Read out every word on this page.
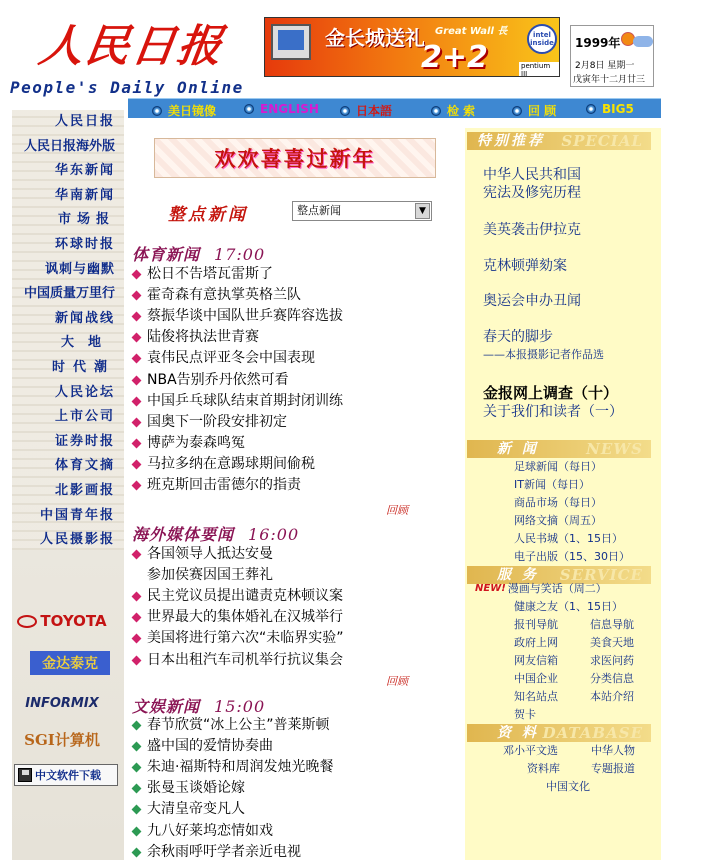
人民日报
People's Daily Online
金长城送礼 Great Wall 長
2+2
intel inside
pentium III
1999年
2月8日 星期一
戊寅年十二月廿三
美日镜像	ENGLISH	日本語	检 索	回 顾	BIG5
人民日报
人民日报海外版
华东新闻
华南新闻
市场报
环球时报
讽刺与幽默
中国质量万里行
新闻战线
大地
时代潮
人民论坛
上市公司
证券时报
体育文摘
北影画报
中国青年报
人民摄影报
TOYOTA
金达泰克
INFORMIX
SGI计算机
中文软件下载
欢欢喜喜过新年
整点新闻	整点新闻	▼
体育新闻 17:00
松日不告塔瓦雷斯了
霍奇森有意执掌英格兰队
蔡振华谈中国队世乒赛阵容选拔
陆俊将执法世青赛
袁伟民点评亚冬会中国表现
NBA告别乔丹依然可看
中国乒乓球队结束首期封闭训练
国奥下一阶段安排初定
博萨为泰森鸣冤
马拉多纳在意踢球期间偷税
班克斯回击雷德尔的指责
回顾
海外媒体要闻 16:00
各国领导人抵达安曼
参加侯赛因国王葬礼
民主党议员提出谴责克林顿议案
世界最大的集体婚礼在汉城举行
美国将进行第六次“未临界实验”
日本出租汽车司机举行抗议集会
回顾
文娱新闻 15:00
春节欣赏“冰上公主”普莱斯顿
盛中国的爱情协奏曲
朱迪·福斯特和周润发烛光晚餐
张曼玉谈婚论嫁
大清皇帝变凡人
九八好莱坞恋情如戏
余秋雨呼吁学者亲近电视
SPECIAL
特别推荐
中华人民共和国
宪法及修宪历程
美英袭击伊拉克
克林顿弹劾案
奥运会申办丑闻
春天的脚步
——本报摄影记者作品选
金报网上调查（十）
关于我们和读者（一）
NEWS
新 闻
足球新闻（每日）
IT新闻（每日）
商品市场（每日）
网络文摘（周五）
人民书城（1、15日）
电子出版（15、30日）
SERVICE
服 务
NEW! 漫画与笑话（周二）
健康之友（1、15日）
报刊导航	信息导航
政府上网	美食天地
网友信箱	求医问药
中国企业	分类信息
知名站点	本站介绍
贺卡
DATABASE
资 料
邓小平文选	中华人物
资料库	专题报道
中国文化
